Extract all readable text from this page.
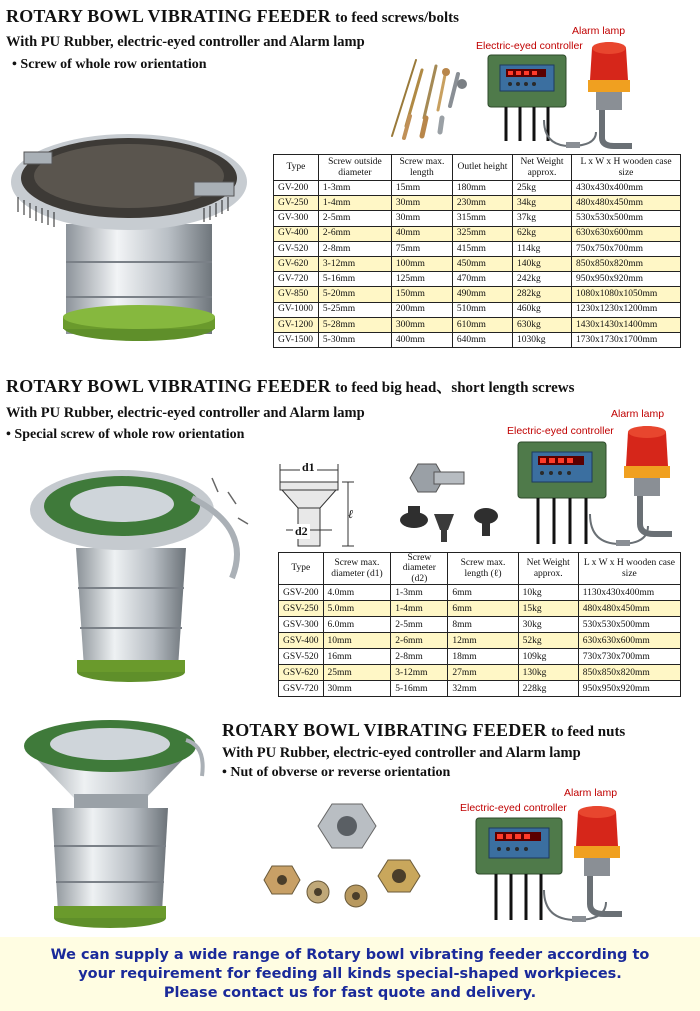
ROTARY BOWL VIBRATING FEEDER to feed screws/bolts
With PU Rubber, electric-eyed controller and Alarm lamp
• Screw of whole row orientation
Electric-eyed controller
Alarm lamp
Type	Screw outside diameter	Screw max. length	Outlet height	Net Weight approx.	L x W x H wooden case size
GV-200	1-3mm	15mm	180mm	25kg	430x430x400mm
GV-250	1-4mm	30mm	230mm	34kg	480x480x450mm
GV-300	2-5mm	30mm	315mm	37kg	530x530x500mm
GV-400	2-6mm	40mm	325mm	62kg	630x630x600mm
GV-520	2-8mm	75mm	415mm	114kg	750x750x700mm
GV-620	3-12mm	100mm	450mm	140kg	850x850x820mm
GV-720	5-16mm	125mm	470mm	242kg	950x950x920mm
GV-850	5-20mm	150mm	490mm	282kg	1080x1080x1050mm
GV-1000	5-25mm	200mm	510mm	460kg	1230x1230x1200mm
GV-1200	5-28mm	300mm	610mm	630kg	1430x1430x1400mm
GV-1500	5-30mm	400mm	640mm	1030kg	1730x1730x1700mm
ROTARY BOWL VIBRATING FEEDER to feed big head、short length screws
With PU Rubber, electric-eyed controller and Alarm lamp
• Special screw of whole row orientation
ℓ
d1
d2
Electric-eyed controller
Alarm lamp
Type	Screw max. diameter (d1)	Screw diameter (d2)	Screw max. length (ℓ)	Net Weight approx.	L x W x H wooden case size
GSV-200	4.0mm	1-3mm	6mm	10kg	1130x430x400mm
GSV-250	5.0mm	1-4mm	6mm	15kg	480x480x450mm
GSV-300	6.0mm	2-5mm	8mm	30kg	530x530x500mm
GSV-400	10mm	2-6mm	12mm	52kg	630x630x600mm
GSV-520	16mm	2-8mm	18mm	109kg	730x730x700mm
GSV-620	25mm	3-12mm	27mm	130kg	850x850x820mm
GSV-720	30mm	5-16mm	32mm	228kg	950x950x920mm
ROTARY BOWL VIBRATING FEEDER to feed nuts
With PU Rubber, electric-eyed controller and Alarm lamp
• Nut of obverse or reverse orientation
Electric-eyed controller
Alarm lamp
We can supply a wide range of Rotary bowl vibrating feeder according to
your requirement for feeding all kinds special-shaped workpieces.
Please contact us for fast quote and delivery.
